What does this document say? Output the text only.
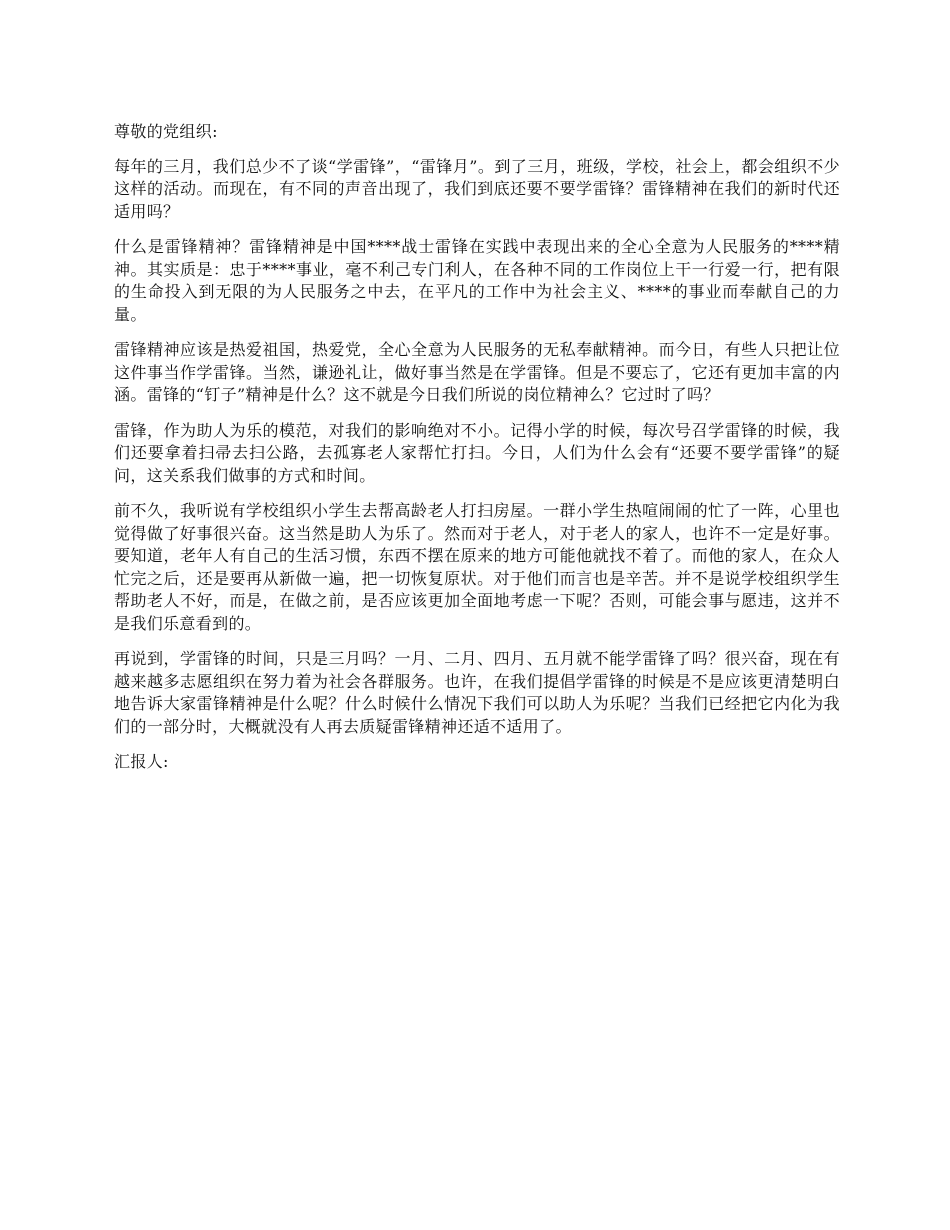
尊敬的党组织:

每年的三月，我们总少不了谈“学雷锋”，“雷锋月”。到了三月，班级，学校，社会上，都会组织不少这样的活动。而现在，有不同的声音出现了，我们到底还要不要学雷锋？雷锋精神在我们的新时代还适用吗？

什么是雷锋精神？雷锋精神是中国****战士雷锋在实践中表现出来的全心全意为人民服务的****精神。其实质是：忠于****事业，毫不利己专门利人，在各种不同的工作岗位上干一行爱一行，把有限的生命投入到无限的为人民服务之中去，在平凡的工作中为社会主义、****的事业而奉献自己的力量。

雷锋精神应该是热爱祖国，热爱党，全心全意为人民服务的无私奉献精神。而今日，有些人只把让位这件事当作学雷锋。当然，谦逊礼让，做好事当然是在学雷锋。但是不要忘了，它还有更加丰富的内涵。雷锋的“钉子”精神是什么？这不就是今日我们所说的岗位精神么？它过时了吗？

雷锋，作为助人为乐的模范，对我们的影响绝对不小。记得小学的时候，每次号召学雷锋的时候，我们还要拿着扫帚去扫公路，去孤寡老人家帮忙打扫。今日，人们为什么会有“还要不要学雷锋”的疑问，这关系我们做事的方式和时间。

前不久，我听说有学校组织小学生去帮高龄老人打扫房屋。一群小学生热喧闹闹的忙了一阵，心里也觉得做了好事很兴奋。这当然是助人为乐了。然而对于老人，对于老人的家人，也许不一定是好事。要知道，老年人有自己的生活习惯，东西不摆在原来的地方可能他就找不着了。而他的家人，在众人忙完之后，还是要再从新做一遍，把一切恢复原状。对于他们而言也是辛苦。并不是说学校组织学生帮助老人不好，而是，在做之前，是否应该更加全面地考虑一下呢？否则，可能会事与愿违，这并不是我们乐意看到的。

再说到，学雷锋的时间，只是三月吗？一月、二月、四月、五月就不能学雷锋了吗？很兴奋，现在有越来越多志愿组织在努力着为社会各群服务。也许，在我们提倡学雷锋的时候是不是应该更清楚明白地告诉大家雷锋精神是什么呢？什么时候什么情况下我们可以助人为乐呢？当我们已经把它内化为我们的一部分时，大概就没有人再去质疑雷锋精神还适不适用了。

汇报人:
